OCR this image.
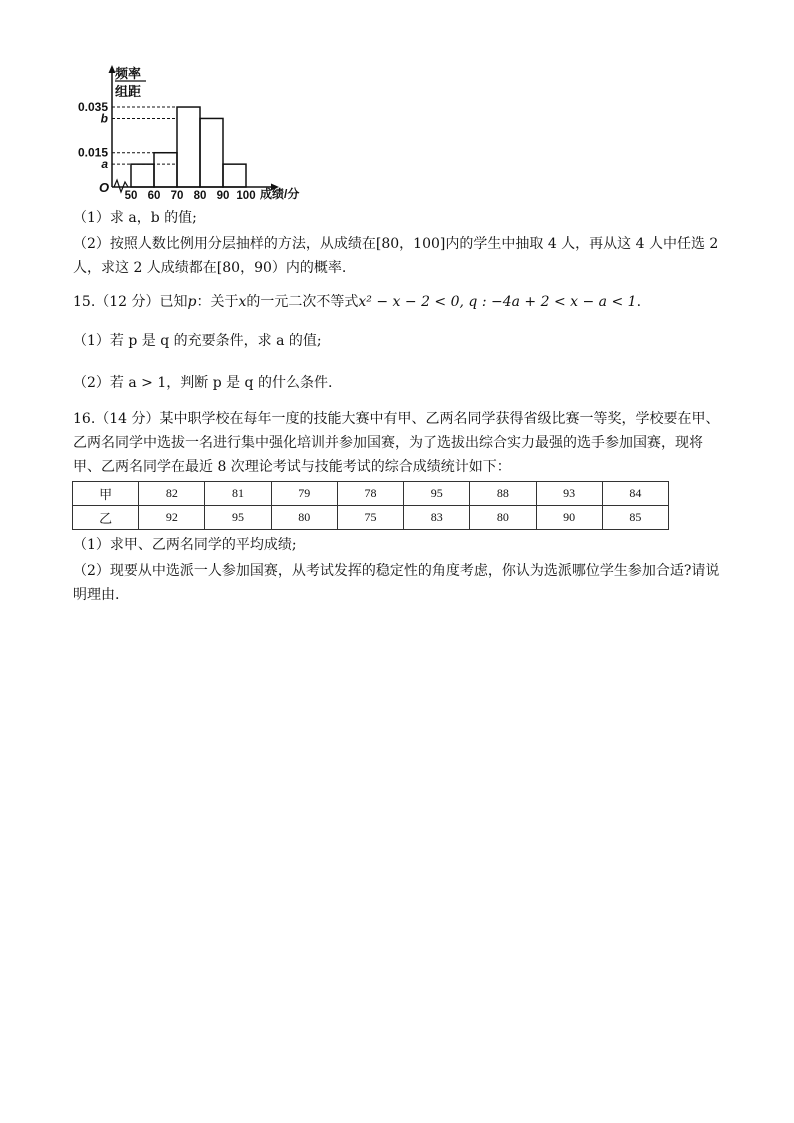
频率
组距
O	成绩/分
0.035
b
0.015
a
50 60 70 80 90 100
（1）求 a，b 的值;
（2）按照人数比例用分层抽样的方法，从成绩在[80，100]内的学生中抽取 4 人，再从这 4 人中任选 2
人，求这 2 人成绩都在[80，90）内的概率.
15.（12 分）已知p：关于x的一元二次不等式x² − x − 2 < 0, q : −4a + 2 < x − a < 1.
（1）若 p 是 q 的充要条件，求 a 的值;
（2）若 a > 1，判断 p 是 q 的什么条件.
16.（14 分）某中职学校在每年一度的技能大赛中有甲、乙两名同学获得省级比赛一等奖，学校要在甲、
乙两名同学中选拔一名进行集中强化培训并参加国赛，为了选拔出综合实力最强的选手参加国赛，现将
甲、乙两名同学在最近 8 次理论考试与技能考试的综合成绩统计如下：
甲	82	81	79	78	95	88	93	84
乙	92	95	80	75	83	80	90	85
（1）求甲、乙两名同学的平均成绩;
（2）现要从中选派一人参加国赛，从考试发挥的稳定性的角度考虑，你认为选派哪位学生参加合适?请说
明理由.
